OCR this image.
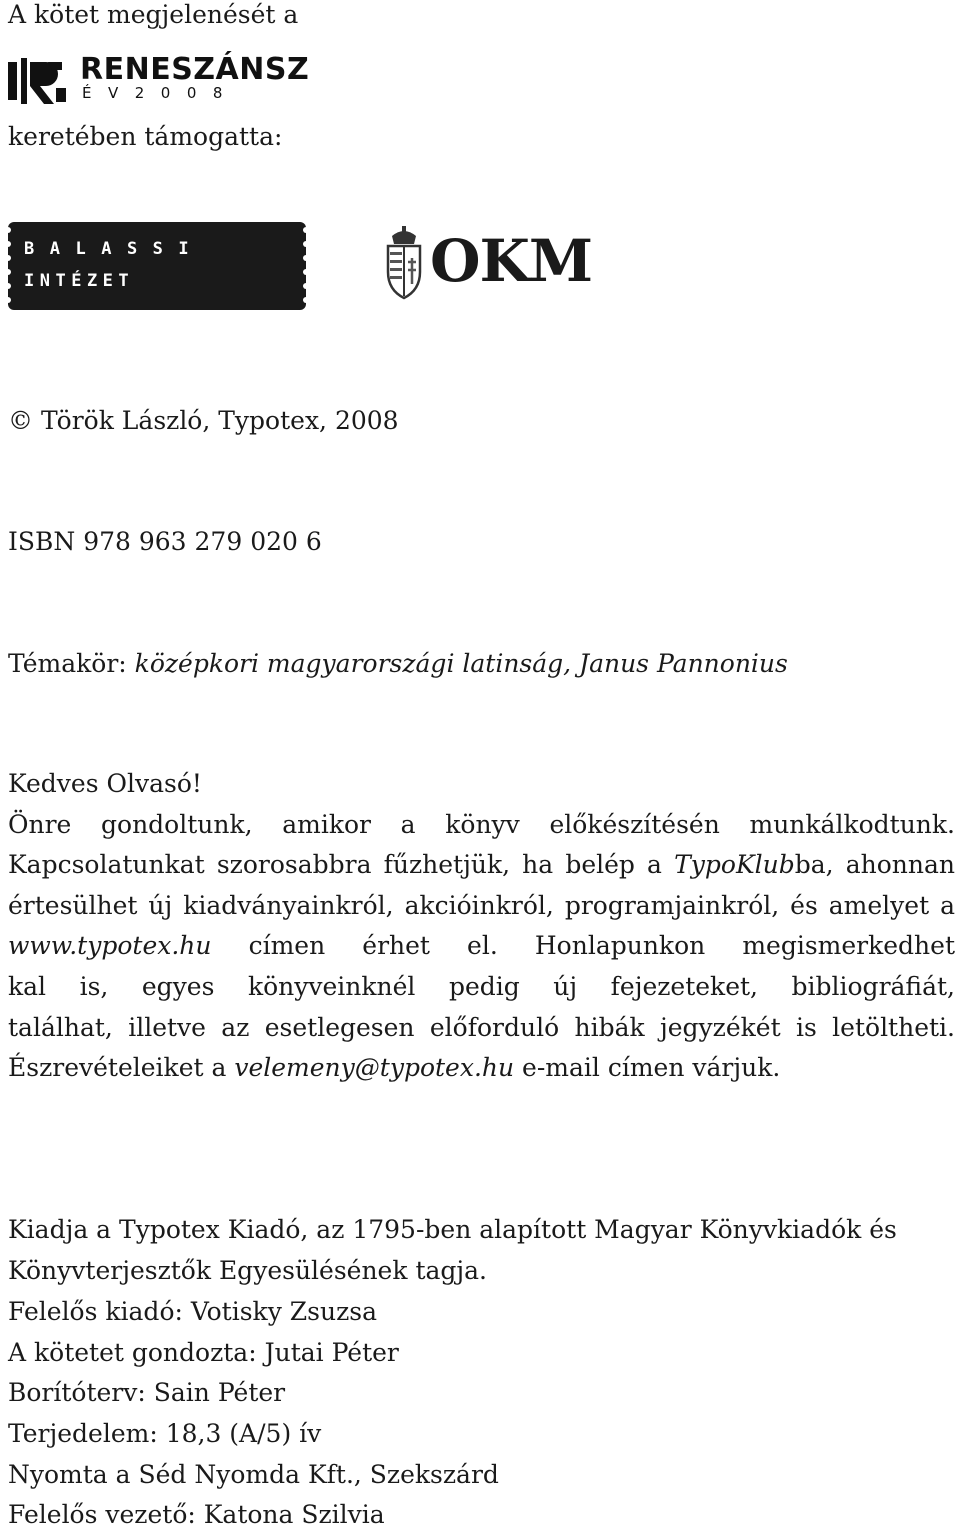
A kötet megjelenését a
RENESZÁNSZ
ÉV2008
keretében támogatta:
BALASSI
INTÉZET	OKM
© Török László, Typotex, 2008
ISBN 978 963 279 020 6
Témakör: középkori magyarországi latinság, Janus Pannonius
Kedves Olvasó!
Önre gondoltunk, amikor a könyv előkészítésén munkálkodtunk.
Kapcsolatunkat szorosabbra fűzhetjük, ha belép a TypoKlubba, ahonnan
értesülhet új kiadványainkról, akcióinkról, programjainkról, és amelyet a
www.typotex.hu címen érhet el. Honlapunkon megismerkedhet
kal is, egyes könyveinknél pedig új fejezeteket, bibliográfiát,
találhat, illetve az esetlegesen előforduló hibák jegyzékét is letöltheti.
Észrevételeiket a velemeny@typotex.hu e-mail címen várjuk.
Kiadja a Typotex Kiadó, az 1795-ben alapított Magyar Könyvkiadók és
Könyvterjesztők Egyesülésének tagja.
Felelős kiadó: Votisky Zsuzsa
A kötetet gondozta: Jutai Péter
Borítóterv: Sain Péter
Terjedelem: 18,3 (A/5) ív
Nyomta a Séd Nyomda Kft., Szekszárd
Felelős vezető: Katona Szilvia
